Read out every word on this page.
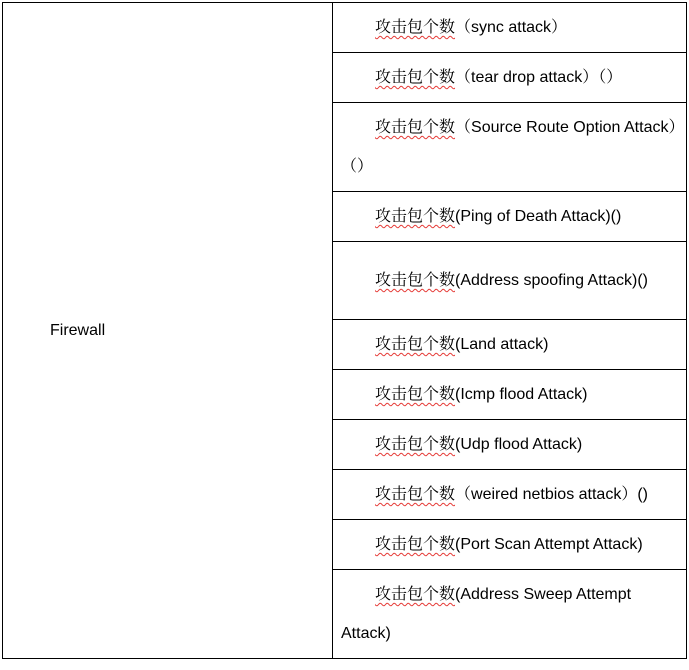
Firewall	
攻击包个数（sync attack）

攻击包个数（tear drop attack）（）

攻击包个数（Source Route Option Attack）（）

攻击包个数(Ping of Death Attack)()

攻击包个数(Address spoofing Attack)()

攻击包个数(Land attack)

攻击包个数(Icmp flood Attack)

攻击包个数(Udp flood Attack)

攻击包个数（weired netbios attack）()

攻击包个数(Port Scan Attempt Attack)

攻击包个数(Address Sweep Attempt Attack)
